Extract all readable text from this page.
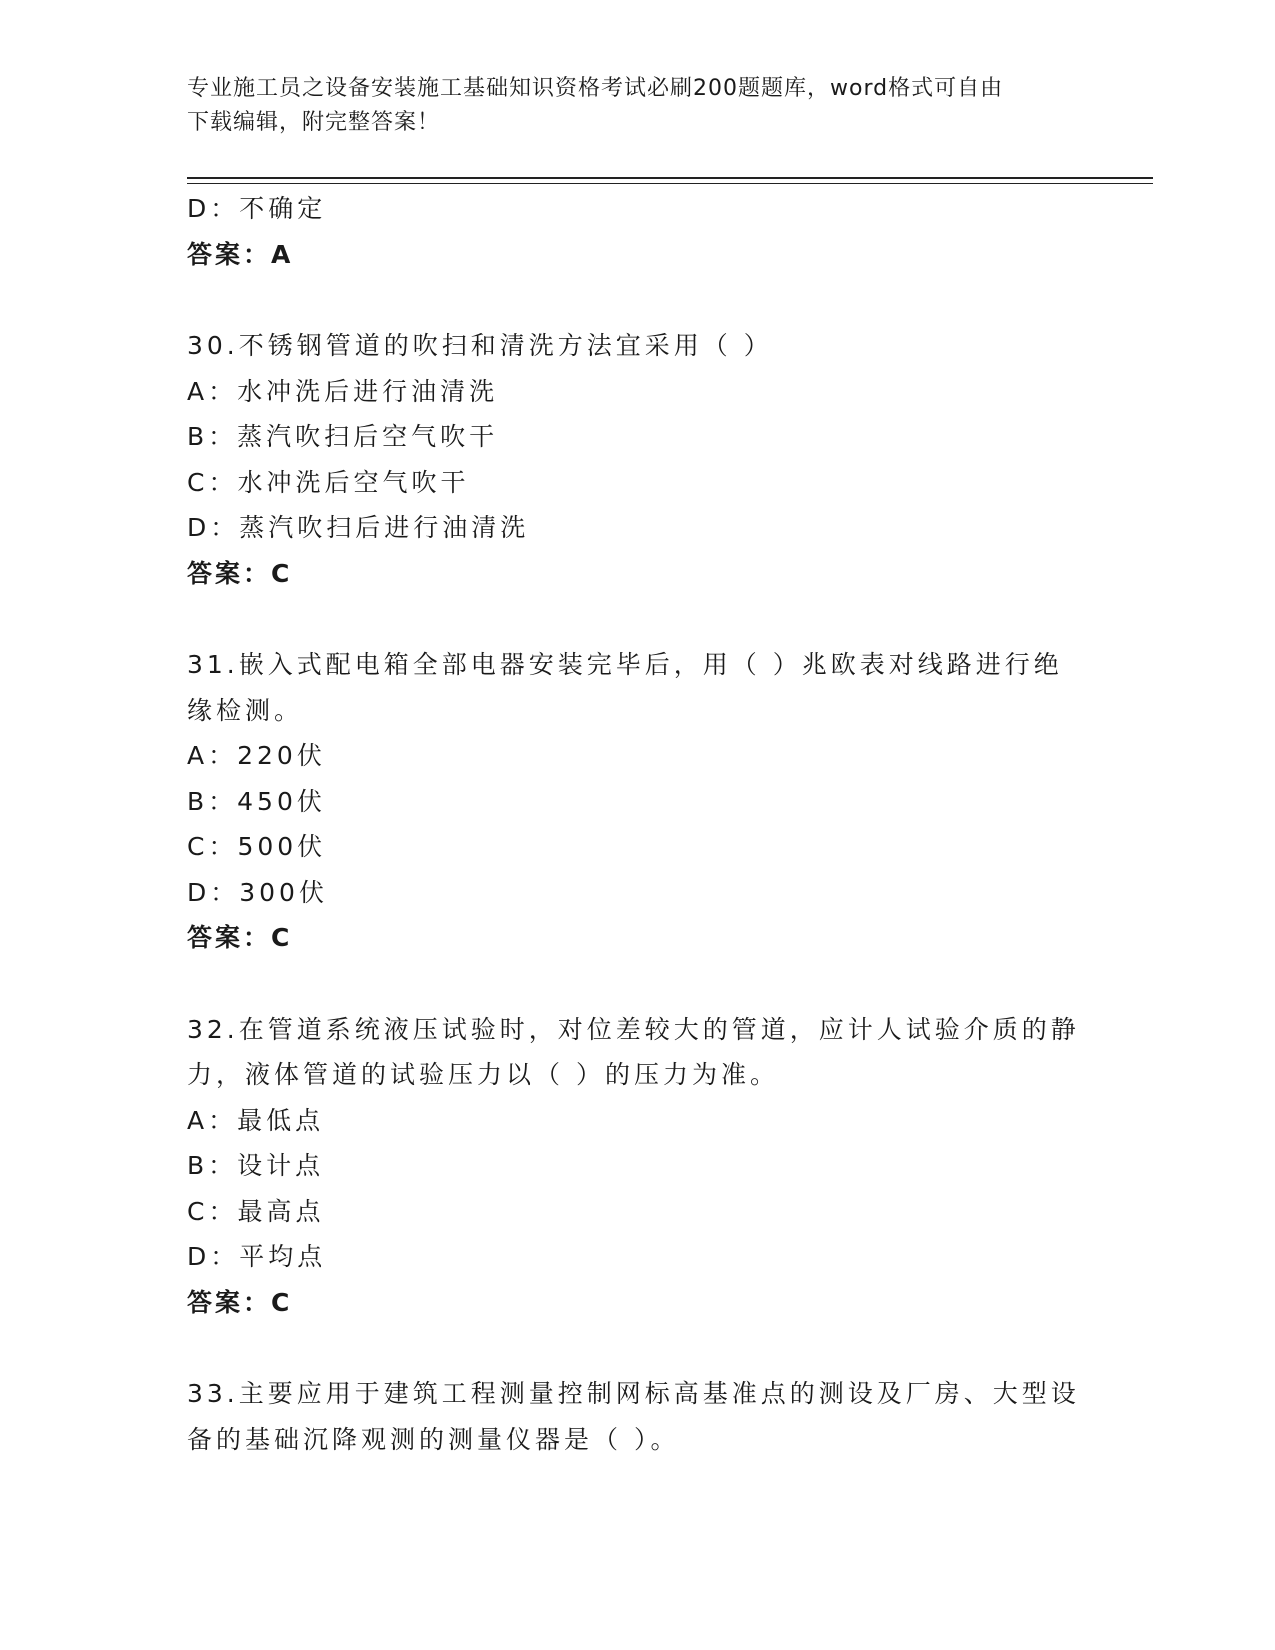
专业施工员之设备安装施工基础知识资格考试必刷200题题库，word格式可自由
下载编辑，附完整答案！
D：不确定
答案：A
30.不锈钢管道的吹扫和清洗方法宜采用（ ）
A：水冲洗后进行油清洗
B：蒸汽吹扫后空气吹干
C：水冲洗后空气吹干
D：蒸汽吹扫后进行油清洗
答案：C
31.嵌入式配电箱全部电器安装完毕后，用（ ）兆欧表对线路进行绝
缘检测。
A：220伏
B：450伏
C：500伏
D：300伏
答案：C
32.在管道系统液压试验时，对位差较大的管道，应计人试验介质的静
力，液体管道的试验压力以（ ）的压力为准。
A：最低点
B：设计点
C：最高点
D：平均点
答案：C
33.主要应用于建筑工程测量控制网标高基准点的测设及厂房、大型设
备的基础沉降观测的测量仪器是（ ）。
